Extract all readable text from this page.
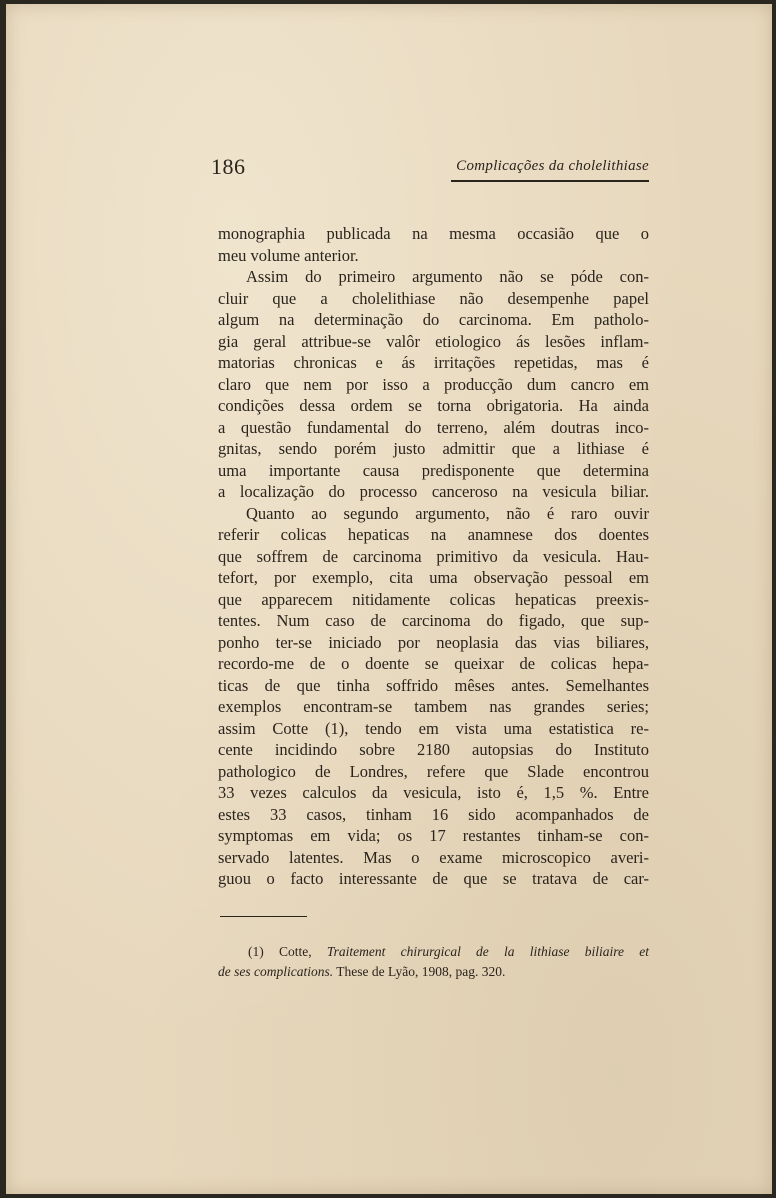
186	Complicações da cholelithiase
monographia publicada na mesma occasião que o
meu volume anterior.
Assim do primeiro argumento não se póde con-
cluir que a cholelithiase não desempenhe papel
algum na determinação do carcinoma. Em patholo-
gia geral attribue-se valôr etiologico ás lesões inflam-
matorias chronicas e ás irritações repetidas, mas é
claro que nem por isso a producção dum cancro em
condições dessa ordem se torna obrigatoria. Ha ainda
a questão fundamental do terreno, além doutras inco-
gnitas, sendo porém justo admittir que a lithiase é
uma importante causa predisponente que determina
a localização do processo canceroso na vesicula biliar.
Quanto ao segundo argumento, não é raro ouvir
referir colicas hepaticas na anamnese dos doentes
que soffrem de carcinoma primitivo da vesicula. Hau-
tefort, por exemplo, cita uma observação pessoal em
que apparecem nitidamente colicas hepaticas preexis-
tentes. Num caso de carcinoma do figado, que sup-
ponho ter-se iniciado por neoplasia das vias biliares,
recordo-me de o doente se queixar de colicas hepa-
ticas de que tinha soffrido mêses antes. Semelhantes
exemplos encontram-se tambem nas grandes series;
assim Cotte (1), tendo em vista uma estatistica re-
cente incidindo sobre 2180 autopsias do Instituto
pathologico de Londres, refere que Slade encontrou
33 vezes calculos da vesicula, isto é, 1,5 %. Entre
estes 33 casos, tinham 16 sido acompanhados de
symptomas em vida; os 17 restantes tinham-se con-
servado latentes. Mas o exame microscopico averi-
guou o facto interessante de que se tratava de car-
(1) Cotte, Traitement chirurgical de la lithiase biliaire et
de ses complications. These de Lyão, 1908, pag. 320.
